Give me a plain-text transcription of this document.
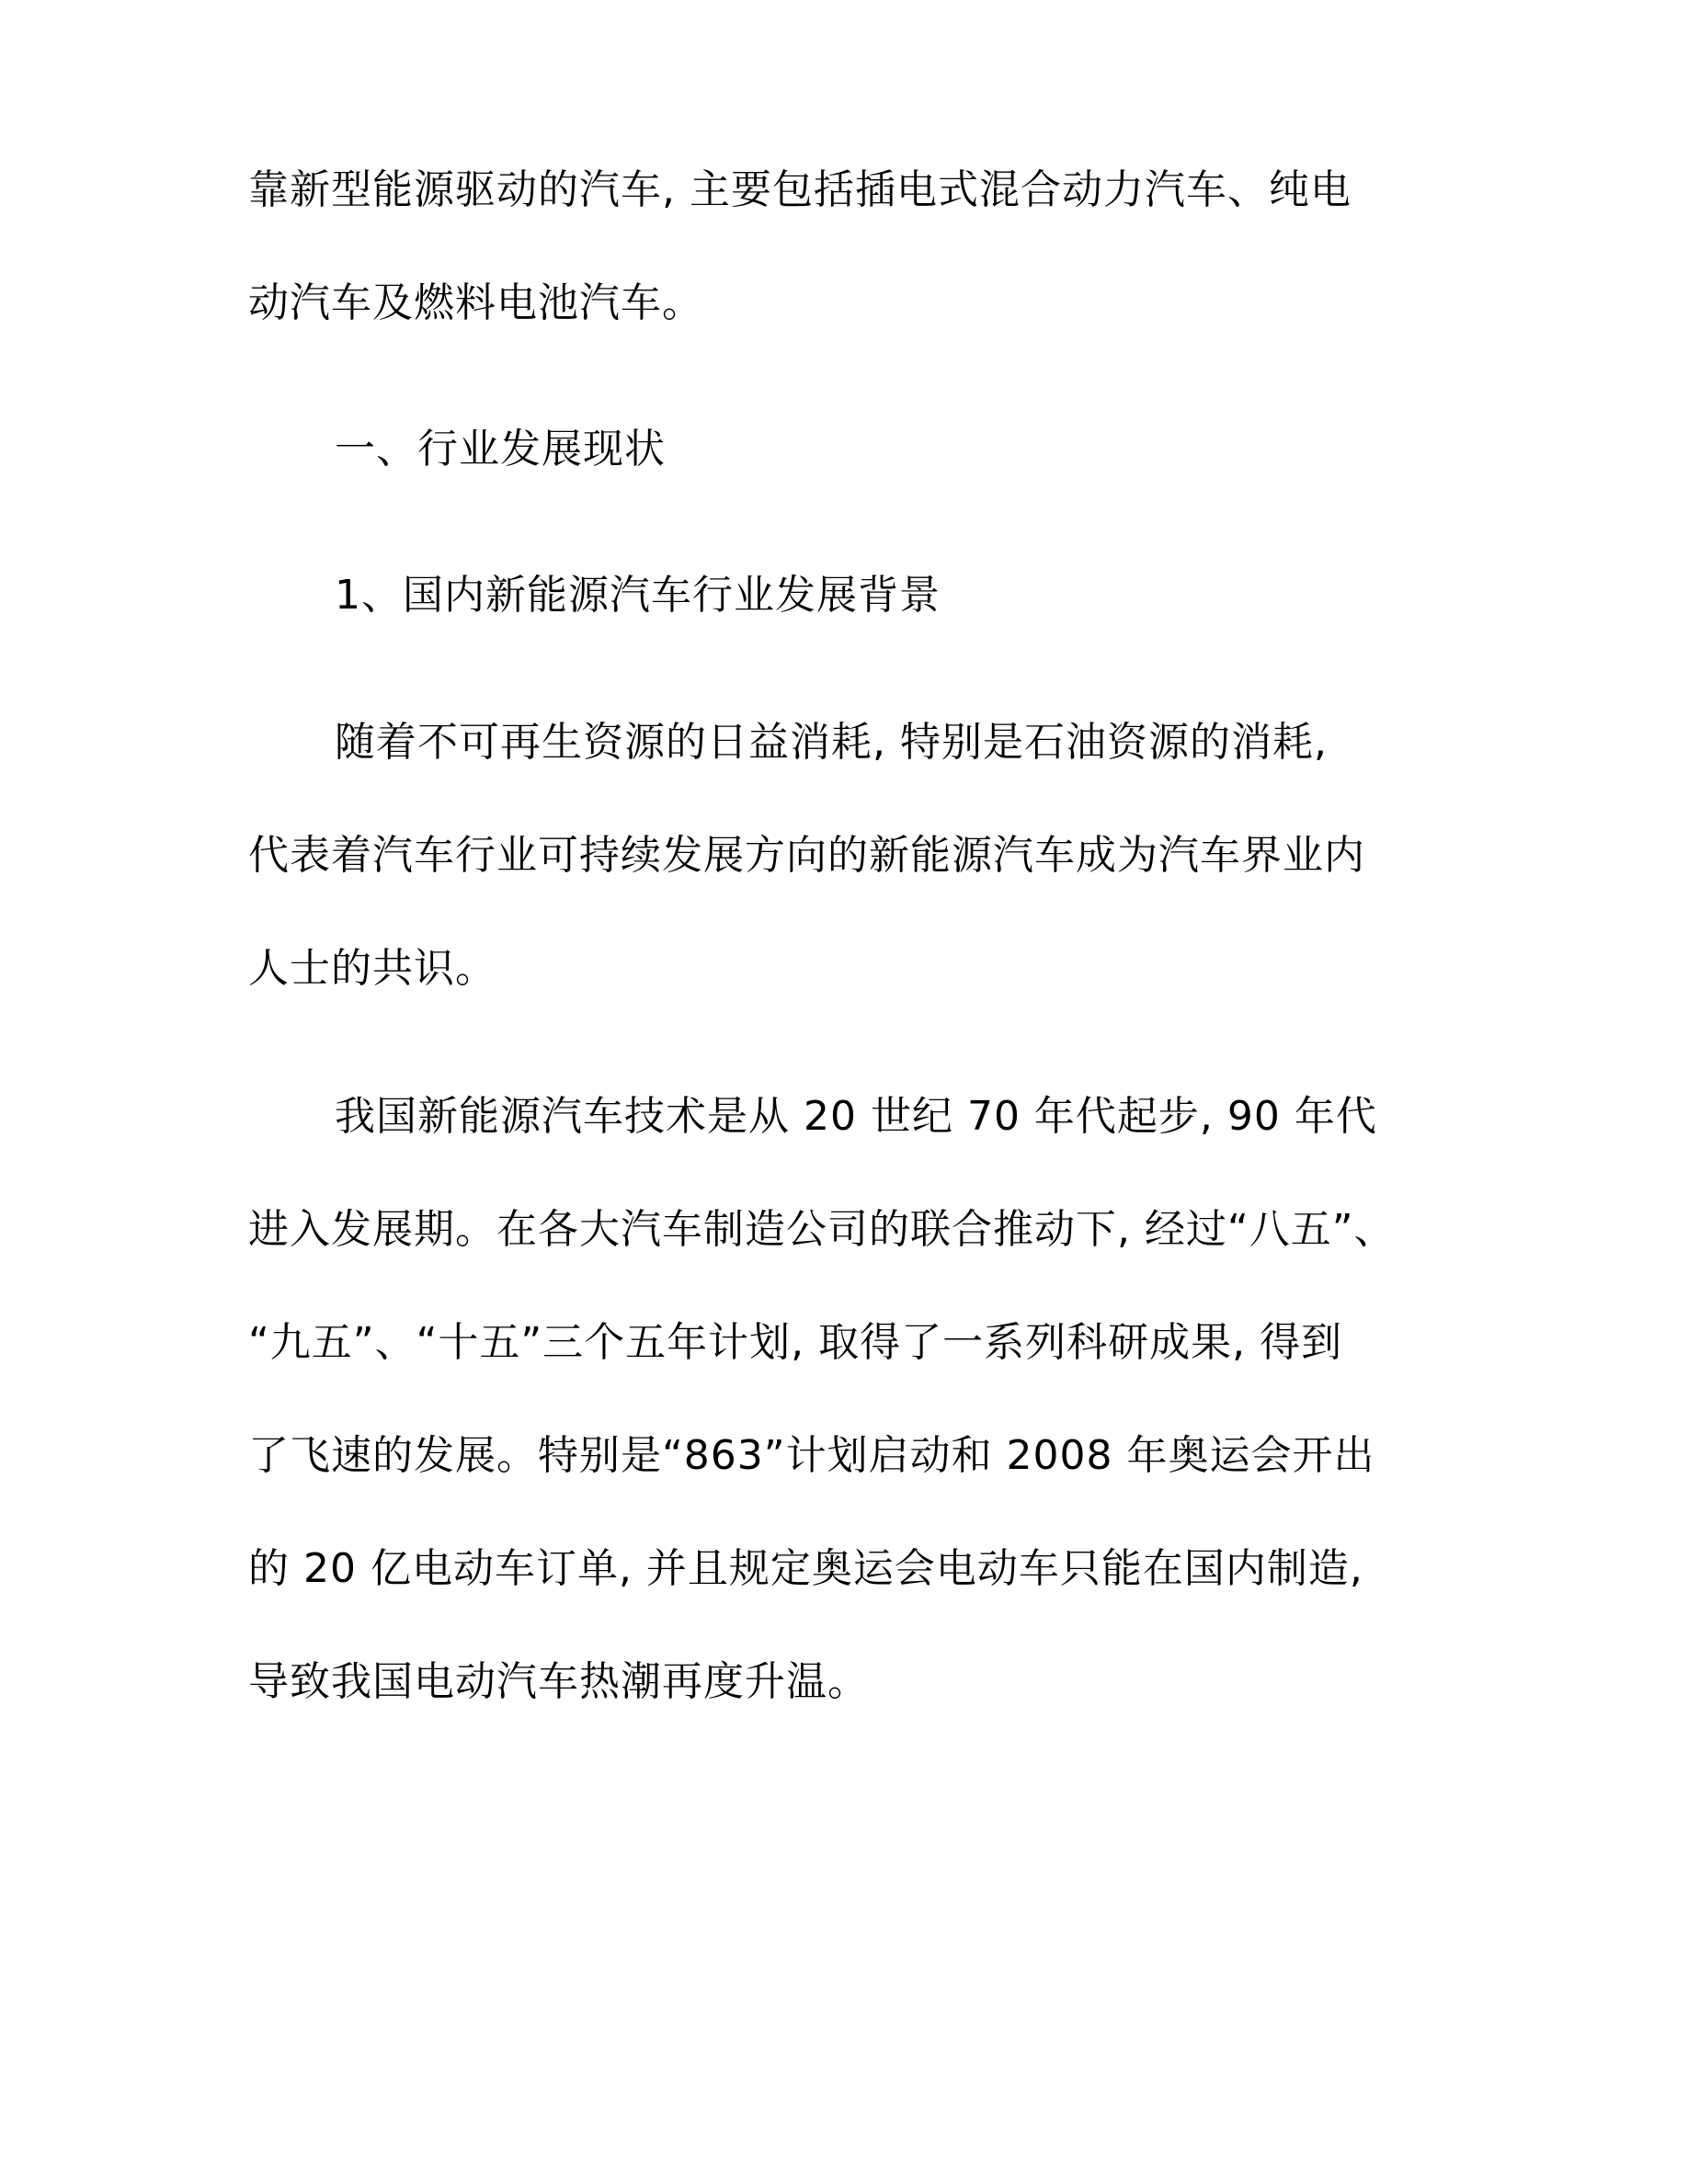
靠新型能源驱动的汽车, 主要包括插电式混合动力汽车、纯电
动汽车及燃料电池汽车。
一、行业发展现状
1、国内新能源汽车行业发展背景
随着不可再生资源的日益消耗, 特别是石油资源的消耗,
代表着汽车行业可持续发展方向的新能源汽车成为汽车界业内
人士的共识。
我国新能源汽车技术是从 20 世纪 70 年代起步, 90 年代
进入发展期。在各大汽车制造公司的联合推动下, 经过“八五”、
“九五”、“十五”三个五年计划, 取得了一系列科研成果, 得到
了飞速的发展。特别是“863”计划启动和 2008 年奥运会开出
的 20 亿电动车订单, 并且规定奥运会电动车只能在国内制造,
导致我国电动汽车热潮再度升温。
